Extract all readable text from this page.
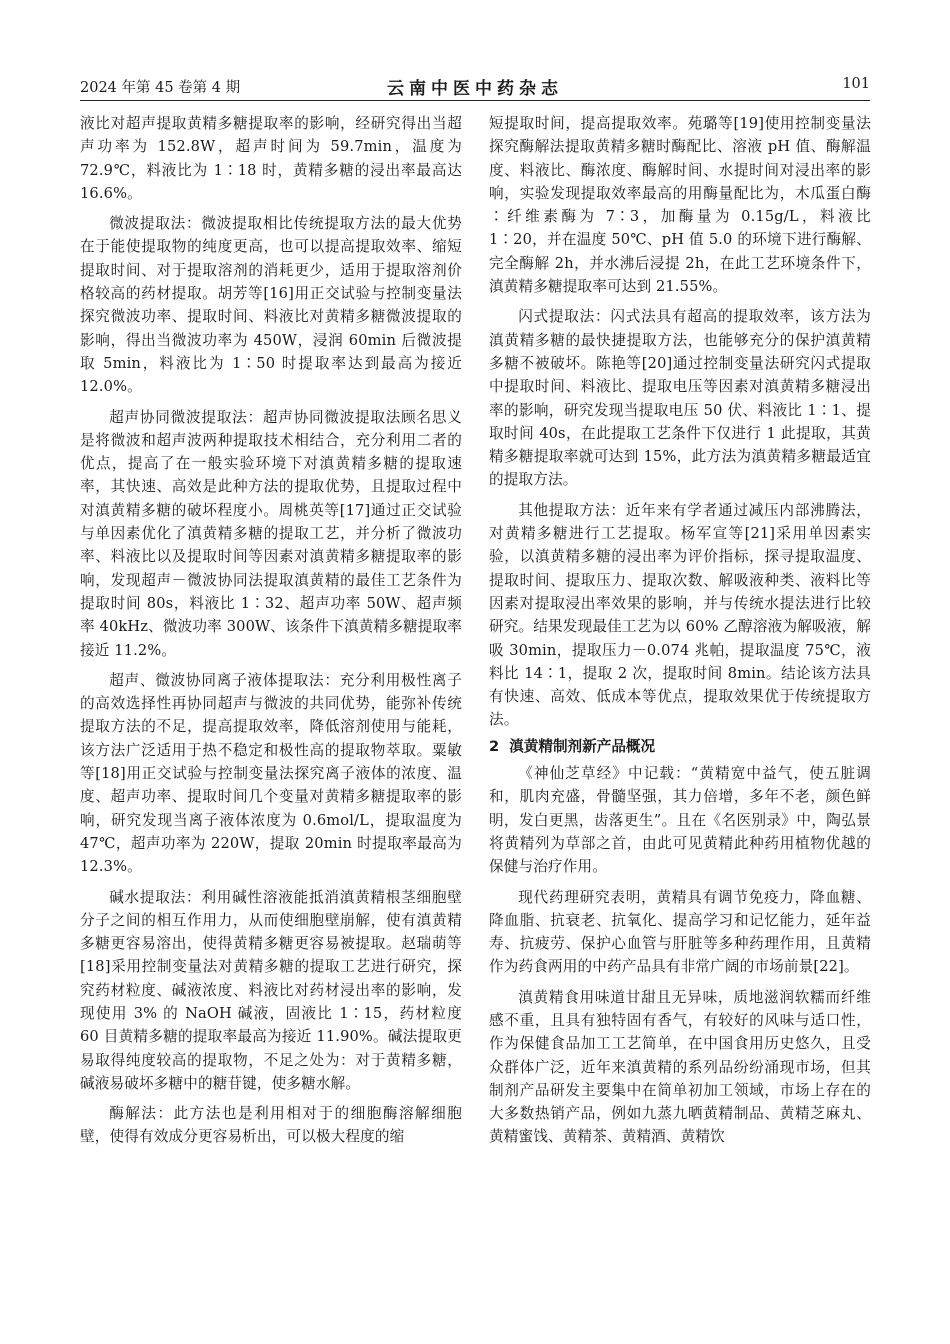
2024 年第 45 卷第 4 期	云南中医中药杂志	101

液比对超声提取黄精多糖提取率的影响，经研究得出当超声功率为 152.8W，超声时间为 59.7min，温度为 72.9℃，料液比为 1∶18 时，黄精多糖的浸出率最高达 16.6%。

微波提取法：微波提取相比传统提取方法的最大优势在于能使提取物的纯度更高，也可以提高提取效率、缩短提取时间、对于提取溶剂的消耗更少，适用于提取溶剂价格较高的药材提取。胡芳等[16]用正交试验与控制变量法探究微波功率、提取时间、料液比对黄精多糖微波提取的影响，得出当微波功率为 450W，浸润 60min 后微波提取 5min，料液比为 1∶50 时提取率达到最高为接近 12.0%。

超声协同微波提取法：超声协同微波提取法顾名思义是将微波和超声波两种提取技术相结合，充分利用二者的优点，提高了在一般实验环境下对滇黄精多糖的提取速率，其快速、高效是此种方法的提取优势，且提取过程中对滇黄精多糖的破坏程度小。周桃英等[17]通过正交试验与单因素优化了滇黄精多糖的提取工艺，并分析了微波功率、料液比以及提取时间等因素对滇黄精多糖提取率的影响，发现超声－微波协同法提取滇黄精的最佳工艺条件为提取时间 80s，料液比 1∶32、超声功率 50W、超声频率 40kHz、微波功率 300W、该条件下滇黄精多糖提取率接近 11.2%。

超声、微波协同离子液体提取法：充分利用极性离子的高效选择性再协同超声与微波的共同优势，能弥补传统提取方法的不足，提高提取效率，降低溶剂使用与能耗，该方法广泛适用于热不稳定和极性高的提取物萃取。粟敏等[18]用正交试验与控制变量法探究离子液体的浓度、温度、超声功率、提取时间几个变量对黄精多糖提取率的影响，研究发现当离子液体浓度为 0.6mol/L，提取温度为 47℃，超声功率为 220W，提取 20min 时提取率最高为 12.3%。

碱水提取法：利用碱性溶液能抵消滇黄精根茎细胞壁分子之间的相互作用力，从而使细胞壁崩解，使有滇黄精多糖更容易溶出，使得黄精多糖更容易被提取。赵瑞萌等[18]采用控制变量法对黄精多糖的提取工艺进行研究，探究药材粒度、碱液浓度、料液比对药材浸出率的影响，发现使用 3% 的 NaOH 碱液，固液比 1∶15，药材粒度 60 目黄精多糖的提取率最高为接近 11.90%。碱法提取更易取得纯度较高的提取物，不足之处为：对于黄精多糖，碱液易破坏多糖中的糖苷键，使多糖水解。

酶解法：此方法也是利用相对于的细胞酶溶解细胞壁，使得有效成分更容易析出，可以极大程度的缩

短提取时间，提高提取效率。苑璐等[19]使用控制变量法探究酶解法提取黄精多糖时酶配比、溶液 pH 值、酶解温度、料液比、酶浓度、酶解时间、水提时间对浸出率的影响，实验发现提取效率最高的用酶量配比为，木瓜蛋白酶∶纤维素酶为 7∶3，加酶量为 0.15g/L，料液比 1∶20，并在温度 50℃、pH 值 5.0 的环境下进行酶解、完全酶解 2h，并水沸后浸提 2h，在此工艺环境条件下，滇黄精多糖提取率可达到 21.55%。

闪式提取法：闪式法具有超高的提取效率，该方法为滇黄精多糖的最快捷提取方法，也能够充分的保护滇黄精多糖不被破坏。陈艳等[20]通过控制变量法研究闪式提取中提取时间、料液比、提取电压等因素对滇黄精多糖浸出率的影响，研究发现当提取电压 50 伏、料液比 1∶1、提取时间 40s，在此提取工艺条件下仅进行 1 此提取，其黄精多糖提取率就可达到 15%，此方法为滇黄精多糖最适宜的提取方法。

其他提取方法：近年来有学者通过减压内部沸腾法，对黄精多糖进行工艺提取。杨军宣等[21]采用单因素实验，以滇黄精多糖的浸出率为评价指标，探寻提取温度、提取时间、提取压力、提取次数、解吸液种类、液料比等因素对提取浸出率效果的影响，并与传统水提法进行比较研究。结果发现最佳工艺为以 60% 乙醇溶液为解吸液，解吸 30min，提取压力－0.074 兆帕，提取温度 75℃，液料比 14∶1，提取 2 次，提取时间 8min。结论该方法具有快速、高效、低成本等优点，提取效果优于传统提取方法。

2 滇黄精制剂新产品概况

《神仙芝草经》中记载：“黄精宽中益气，使五脏调和，肌肉充盛，骨髓坚强，其力倍增，多年不老，颜色鲜明，发白更黑，齿落更生”。且在《名医别录》中，陶弘景将黄精列为草部之首，由此可见黄精此种药用植物优越的保健与治疗作用。

现代药理研究表明，黄精具有调节免疫力，降血糖、降血脂、抗衰老、抗氧化、提高学习和记忆能力，延年益寿、抗疲劳、保护心血管与肝脏等多种药理作用，且黄精作为药食两用的中药产品具有非常广阔的市场前景[22]。

滇黄精食用味道甘甜且无异味，质地滋润软糯而纤维感不重，且具有独特固有香气，有较好的风味与适口性，作为保健食品加工工艺简单，在中国食用历史悠久，且受众群体广泛，近年来滇黄精的系列品纷纷涌现市场，但其制剂产品研发主要集中在简单初加工领域，市场上存在的大多数热销产品，例如九蒸九晒黄精制品、黄精芝麻丸、黄精蜜饯、黄精茶、黄精酒、黄精饮
